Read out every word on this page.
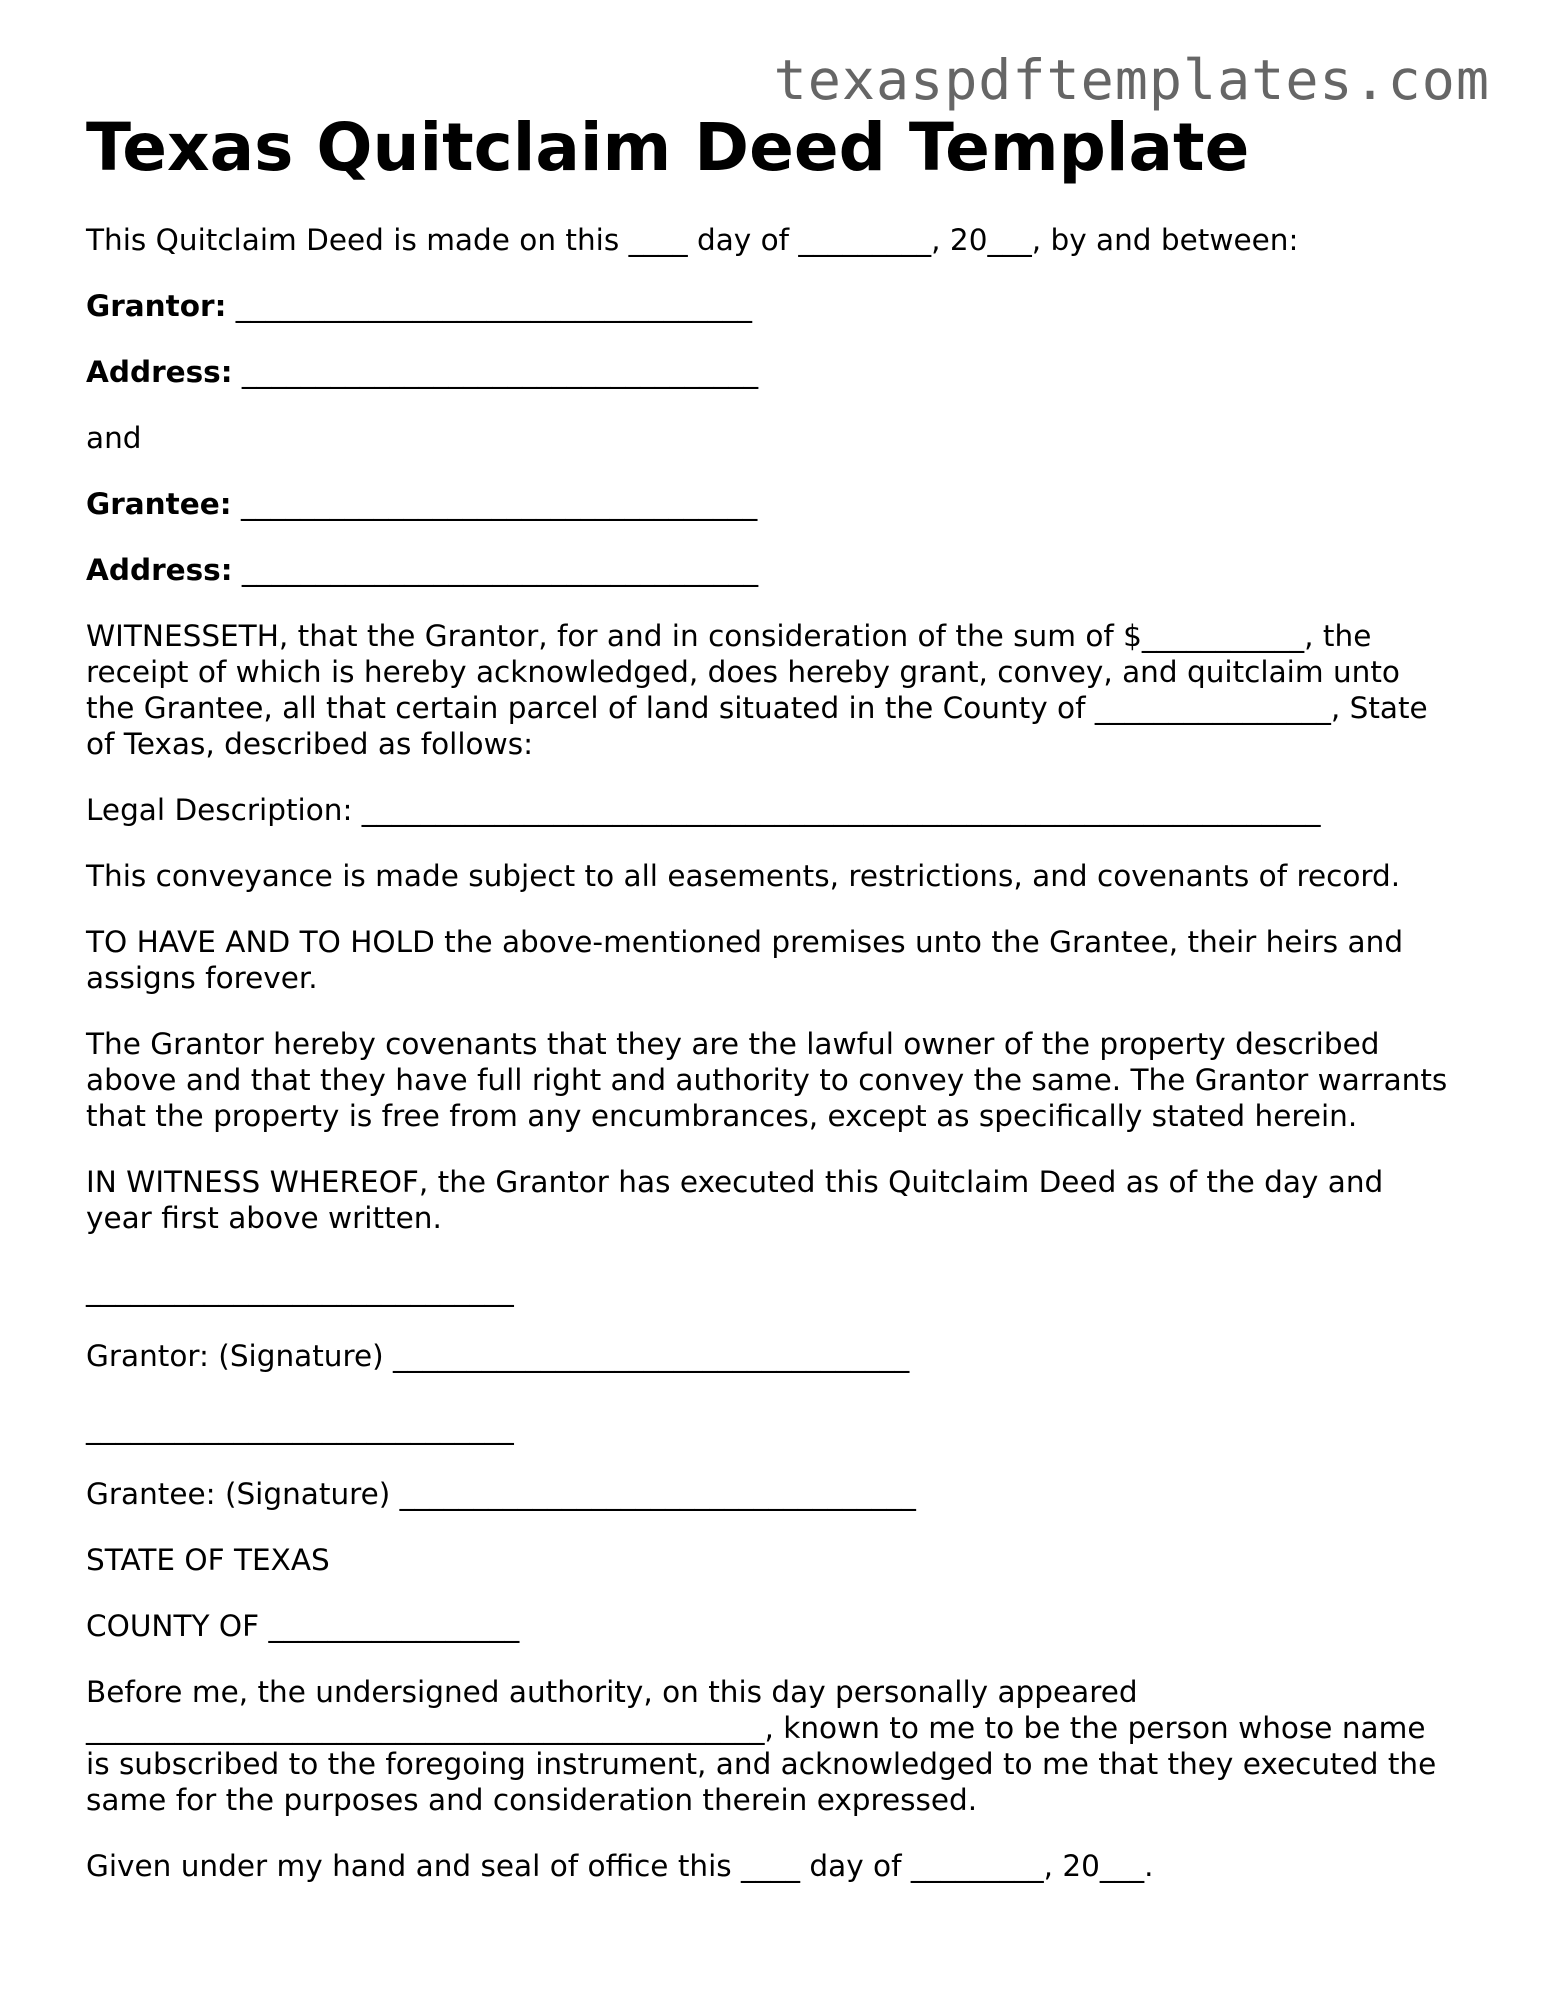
texaspdftemplates.com
Texas Quitclaim Deed Template

This Quitclaim Deed is made on this ____ day of _________, 20___, by and between:

Grantor: ___________________________________

Address: ___________________________________

and

Grantee: ___________________________________

Address: ___________________________________

WITNESSETH, that the Grantor, for and in consideration of the sum of $___________, the receipt of which is hereby acknowledged, does hereby grant, convey, and quitclaim unto the Grantee, all that certain parcel of land situated in the County of ________________, State of Texas, described as follows:

Legal Description: _________________________________________________________________

This conveyance is made subject to all easements, restrictions, and covenants of record.

TO HAVE AND TO HOLD the above-mentioned premises unto the Grantee, their heirs and assigns forever.

The Grantor hereby covenants that they are the lawful owner of the property described above and that they have full right and authority to convey the same. The Grantor warrants that the property is free from any encumbrances, except as specifically stated herein.

IN WITNESS WHEREOF, the Grantor has executed this Quitclaim Deed as of the day and year first above written.

_____________________________

Grantor: (Signature) ___________________________________

_____________________________

Grantee: (Signature) ___________________________________

STATE OF TEXAS

COUNTY OF _________________

Before me, the undersigned authority, on this day personally appeared ______________________________________________, known to me to be the person whose name is subscribed to the foregoing instrument, and acknowledged to me that they executed the same for the purposes and consideration therein expressed.

Given under my hand and seal of office this ____ day of _________, 20___.
